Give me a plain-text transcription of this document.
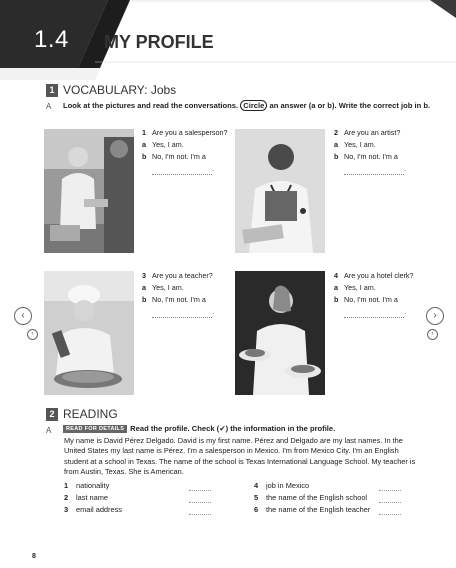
1.4 MY PROFILE
1 VOCABULARY: Jobs
A Look at the pictures and read the conversations. Circle an answer (a or b). Write the correct job in b.
1 Are you a salesperson?
a Yes, I am.
b No, I'm not. I'm a
.
2 Are you an artist?
a Yes, I am.
b No, I'm not. I'm a
.
3 Are you a teacher?
a Yes, I am.
b No, I'm not. I'm a
.
4 Are you a hotel clerk?
a Yes, I am.
b No, I'm not. I'm a
.
‹
‹
›
›
2 READING
A	READ FOR DETAILS Read the profile. Check (✔) the information in the profile.
My name is David Pérez Delgado. David is my first name. Pérez and Delgado are my last names. In the United States my last name is Pérez. I'm a salesperson in Mexico. I'm from Mexico City. I'm an English student at a school in Texas. The name of the school is Texas International Language School. My teacher is from Austin, Texas. She is American.
1 nationality
2 last name
3 email address
4 job in Mexico
5 the name of the English school
6 the name of the English teacher
8
